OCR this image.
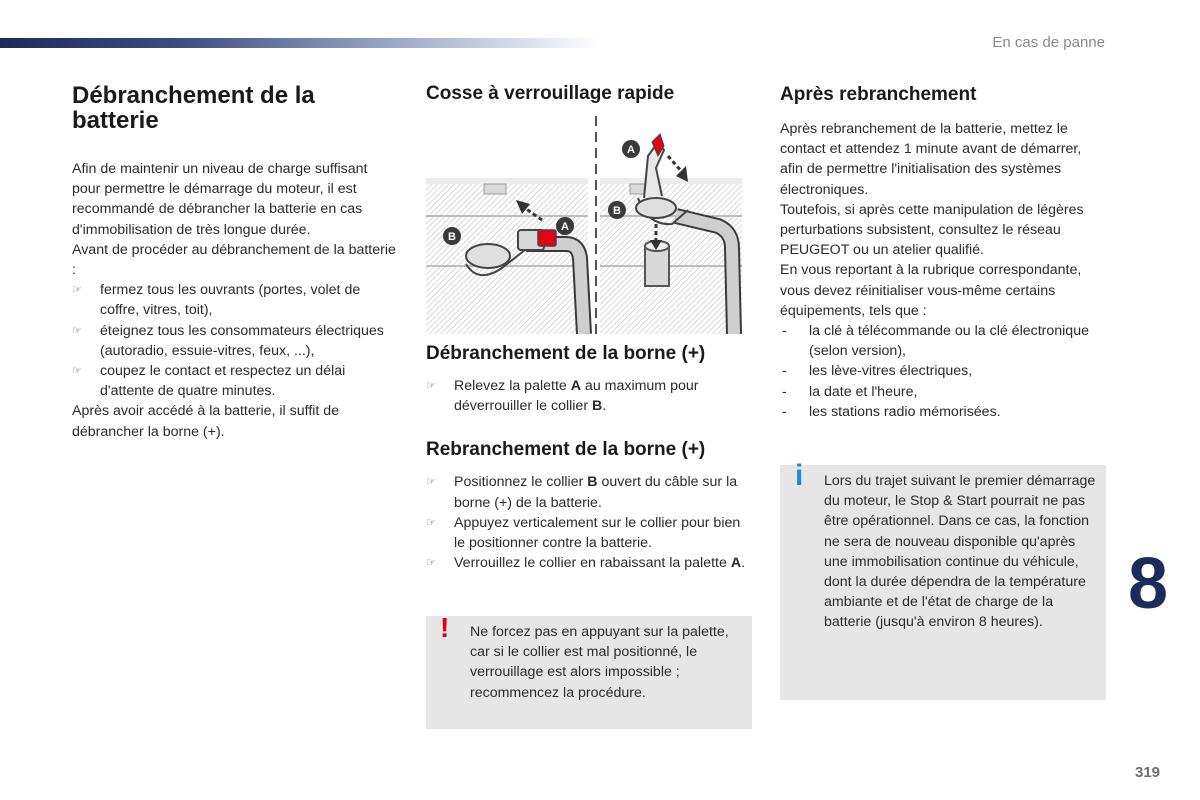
En cas de panne
Débranchement de la batterie

Afin de maintenir un niveau de charge suffisant pour permettre le démarrage du moteur, il est recommandé de débrancher la batterie en cas d'immobilisation de très longue durée.

Avant de procéder au débranchement de la batterie :

☞ fermez tous les ouvrants (portes, volet de coffre, vitres, toit),
☞ éteignez tous les consommateurs électriques (autoradio, essuie-vitres, feux, ...),
☞ coupez le contact et respectez un délai d'attente de quatre minutes.

Après avoir accédé à la batterie, il suffit de débrancher la borne (+).

Cosse à verrouillage rapide
B
A
A
B
Débranchement de la borne (+)
☞ Relevez la palette A au maximum pour déverrouiller le collier B.
Rebranchement de la borne (+)
☞ Positionnez le collier B ouvert du câble sur la borne (+) de la batterie.
☞ Appuyez verticalement sur le collier pour bien le positionner contre la batterie.
☞ Verrouillez le collier en rabaissant la palette A.
! Ne forcez pas en appuyant sur la palette, car si le collier est mal positionné, le verrouillage est alors impossible ; recommencez la procédure.

Après rebranchement

Après rebranchement de la batterie, mettez le contact et attendez 1 minute avant de démarrer, afin de permettre l'initialisation des systèmes électroniques.

Toutefois, si après cette manipulation de légères perturbations subsistent, consultez le réseau PEUGEOT ou un atelier qualifié.

En vous reportant à la rubrique correspondante, vous devez réinitialiser vous-même certains équipements, tels que :

- la clé à télécommande ou la clé électronique (selon version),
- les lève-vitres électriques,
- la date et l'heure,
- les stations radio mémorisées.
i Lors du trajet suivant le premier démarrage du moteur, le Stop & Start pourrait ne pas être opérationnel. Dans ce cas, la fonction ne sera de nouveau disponible qu'après une immobilisation continue du véhicule, dont la durée dépendra de la température ambiante et de l'état de charge de la batterie (jusqu'à environ 8 heures).	8
319
